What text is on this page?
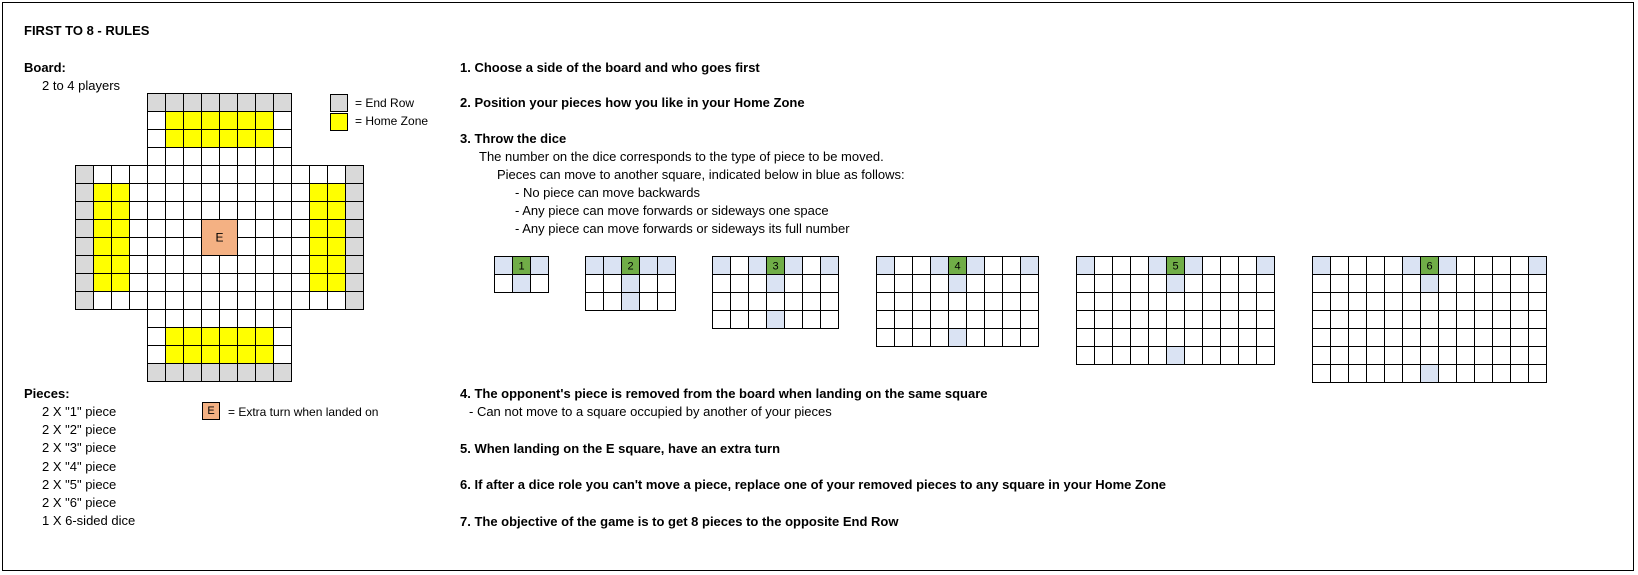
FIRST TO 8 - RULES
Board:
2 to 4 players
E
= End Row
= Home Zone
Pieces:
2 X "1" piece
2 X "2" piece
2 X "3" piece
2 X "4" piece
2 X "5" piece
2 X "6" piece
1 X 6-sided dice
E	= Extra turn when landed on
1. Choose a side of the board and who goes first
2. Position your pieces how you like in your Home Zone
3. Throw the dice
The number on the dice corresponds to the type of piece to be moved.
Pieces can move to another square, indicated below in blue as follows:
- No piece can move backwards
- Any piece can move forwards or sideways one space
- Any piece can move forwards or sideways its full number
1	2	3	4	5	6
4. The opponent's piece is removed from the board when landing on the same square
- Can not move to a square occupied by another of your pieces
5. When landing on the E square, have an extra turn
6. If after a dice role you can't move a piece, replace one of your removed pieces to any square in your Home Zone
7. The objective of the game is to get 8 pieces to the opposite End Row
